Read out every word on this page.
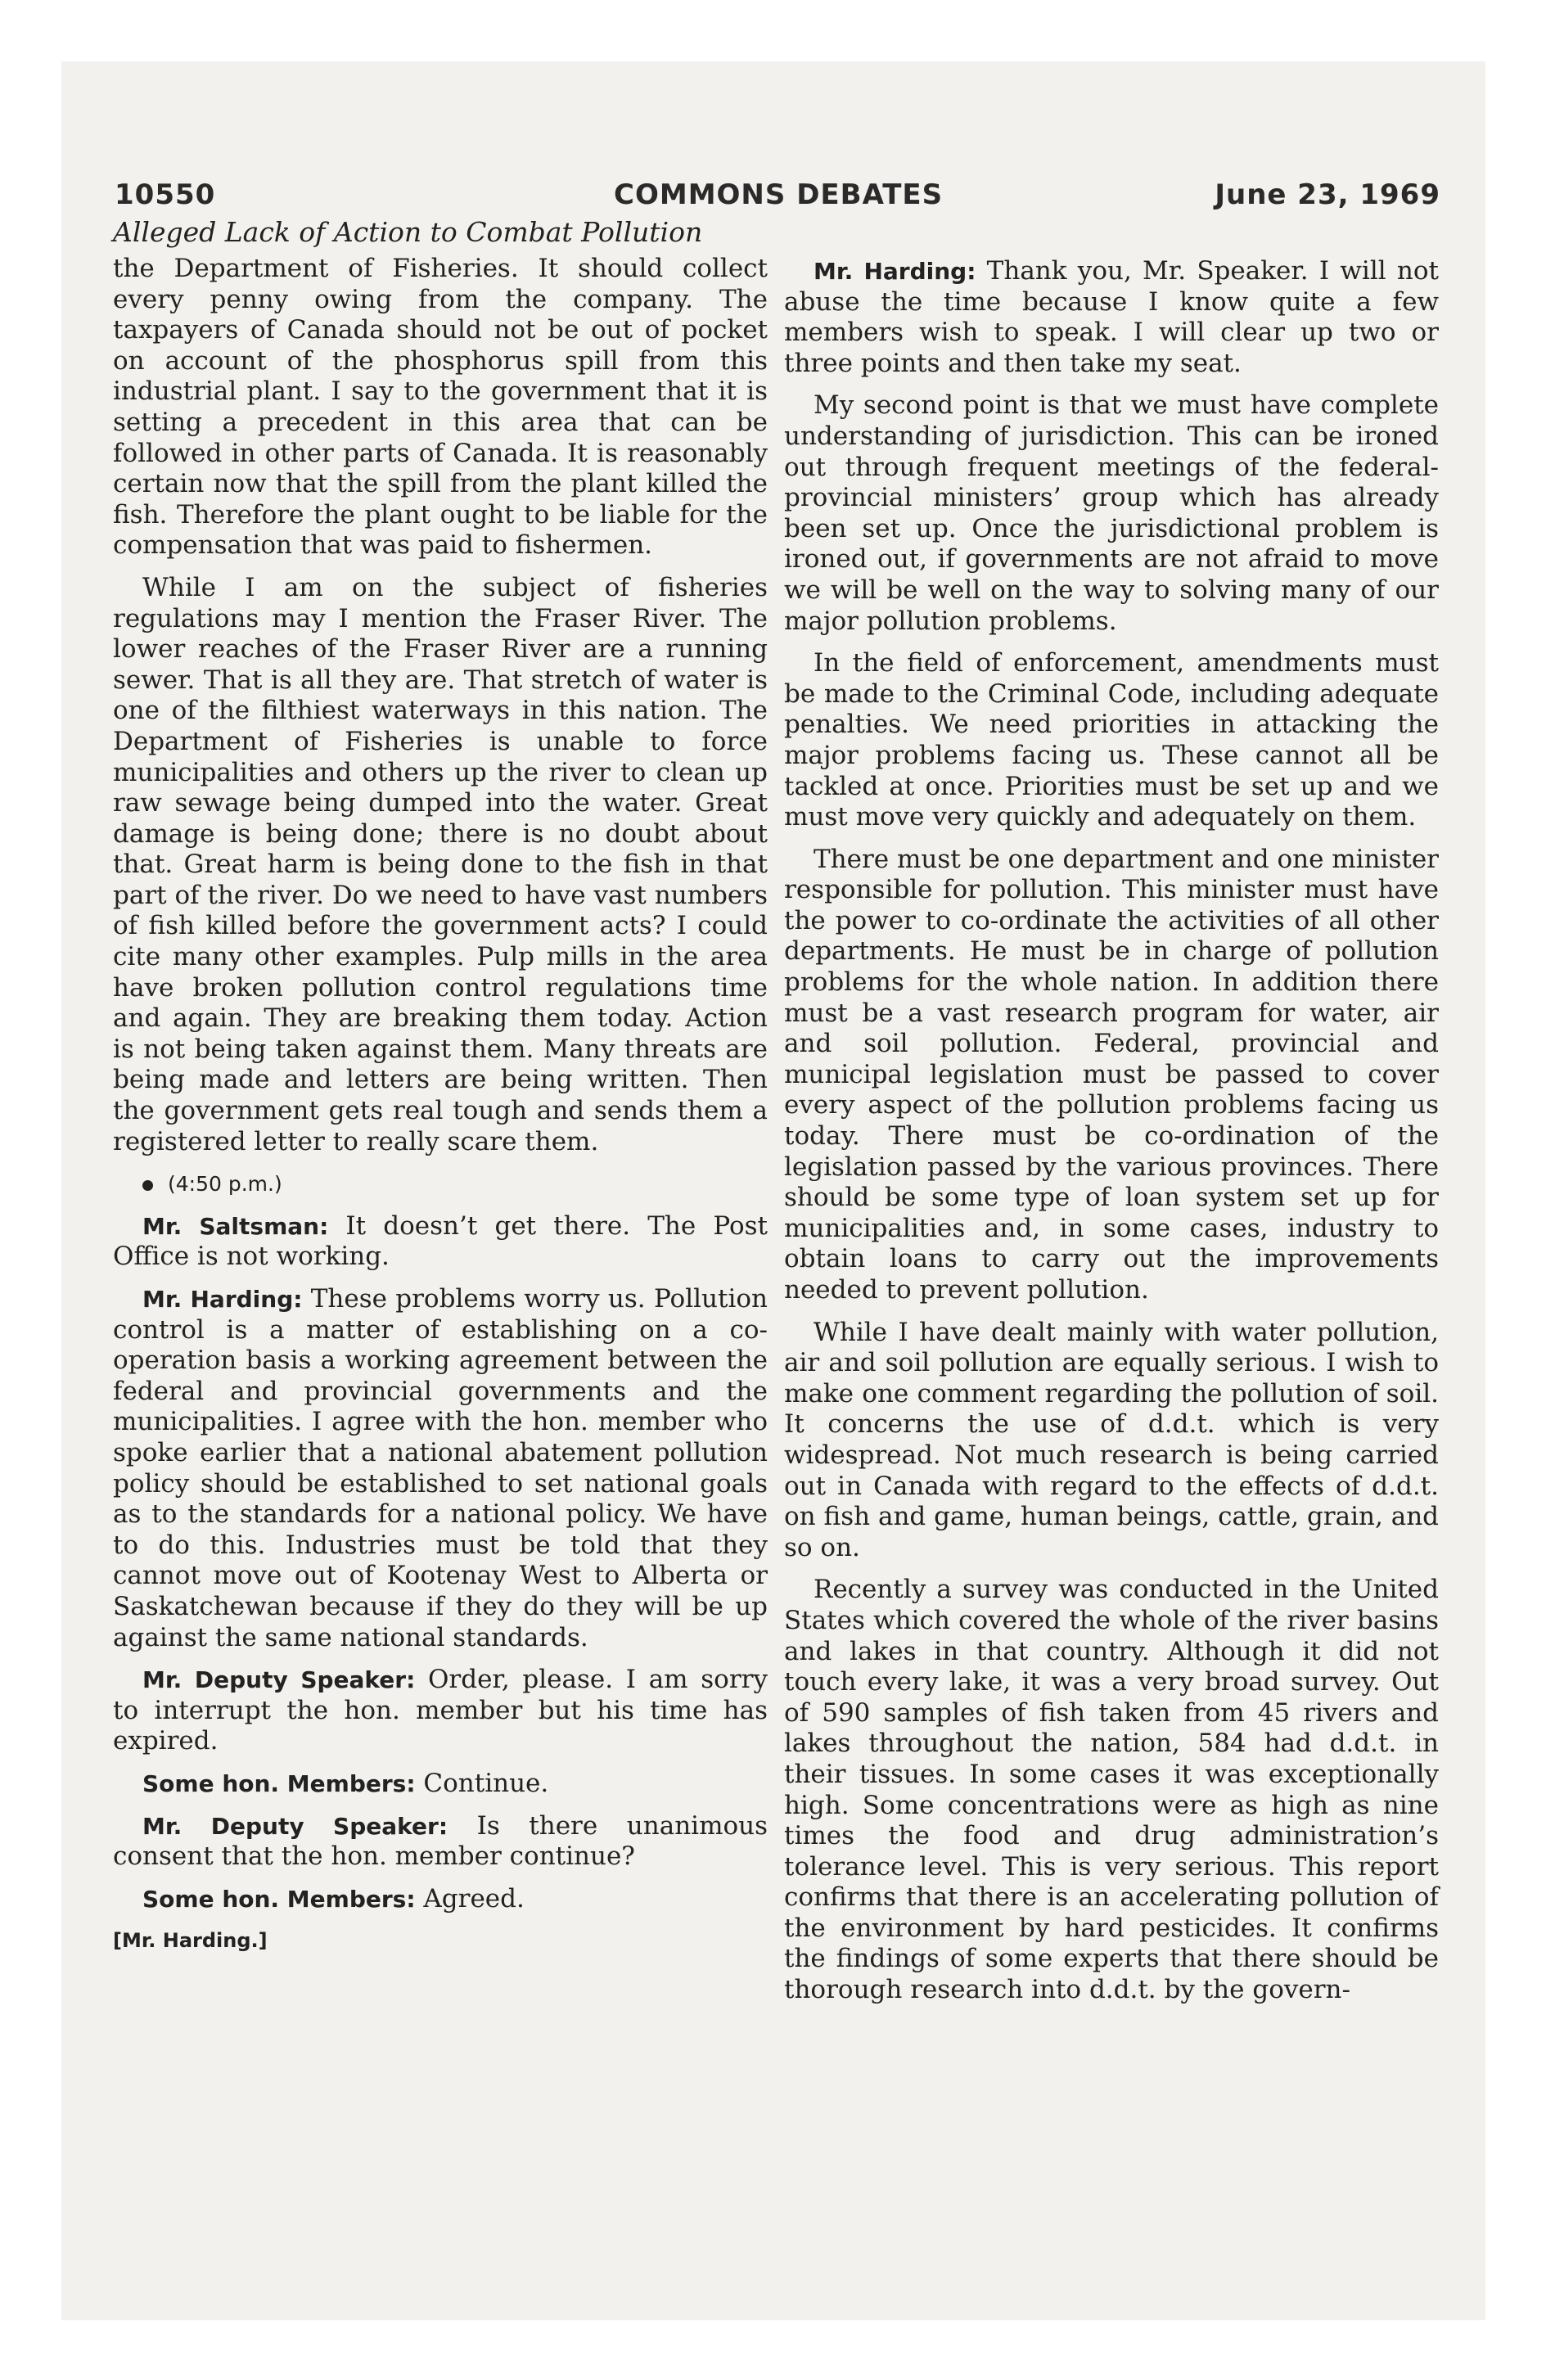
10550	COMMONS DEBATES	June 23, 1969
Alleged Lack of Action to Combat Pollution

the Department of Fisheries. It should collect every penny owing from the company. The taxpayers of Canada should not be out of pocket on account of the phosphorus spill from this industrial plant. I say to the government that it is setting a precedent in this area that can be followed in other parts of Canada. It is reasonably certain now that the spill from the plant killed the fish. Therefore the plant ought to be liable for the compensation that was paid to fishermen.

While I am on the subject of fisheries regulations may I mention the Fraser River. The lower reaches of the Fraser River are a running sewer. That is all they are. That stretch of water is one of the filthiest waterways in this nation. The Department of Fisheries is unable to force municipalities and others up the river to clean up raw sewage being dumped into the water. Great damage is being done; there is no doubt about that. Great harm is being done to the fish in that part of the river. Do we need to have vast numbers of fish killed before the government acts? I could cite many other examples. Pulp mills in the area have broken pollution control regulations time and again. They are breaking them today. Action is not being taken against them. Many threats are being made and letters are being written. Then the government gets real tough and sends them a registered letter to really scare them.

(4:50 p.m.)

Mr. Saltsman: It doesn’t get there. The Post Office is not working.

Mr. Harding: These problems worry us. Pollution control is a matter of establishing on a co-operation basis a working agreement between the federal and provincial governments and the municipalities. I agree with the hon. member who spoke earlier that a national abatement pollution policy should be established to set national goals as to the standards for a national policy. We have to do this. Industries must be told that they cannot move out of Kootenay West to Alberta or Saskatchewan because if they do they will be up against the same national standards.

Mr. Deputy Speaker: Order, please. I am sorry to interrupt the hon. member but his time has expired.

Some hon. Members: Continue.

Mr. Deputy Speaker: Is there unanimous consent that the hon. member continue?

Some hon. Members: Agreed.

[Mr. Harding.]

Mr. Harding: Thank you, Mr. Speaker. I will not abuse the time because I know quite a few members wish to speak. I will clear up two or three points and then take my seat.

My second point is that we must have complete understanding of jurisdiction. This can be ironed out through frequent meetings of the federal-provincial ministers’ group which has already been set up. Once the jurisdictional problem is ironed out, if governments are not afraid to move we will be well on the way to solving many of our major pollution problems.

In the field of enforcement, amendments must be made to the Criminal Code, including adequate penalties. We need priorities in attacking the major problems facing us. These cannot all be tackled at once. Priorities must be set up and we must move very quickly and adequately on them.

There must be one department and one minister responsible for pollution. This minister must have the power to co-ordinate the activities of all other departments. He must be in charge of pollution problems for the whole nation. In addition there must be a vast research program for water, air and soil pollution. Federal, provincial and municipal legislation must be passed to cover every aspect of the pollution problems facing us today. There must be co-ordination of the legislation passed by the various provinces. There should be some type of loan system set up for municipalities and, in some cases, industry to obtain loans to carry out the improvements needed to prevent pollution.

While I have dealt mainly with water pollution, air and soil pollution are equally serious. I wish to make one comment regarding the pollution of soil. It concerns the use of d.d.t. which is very widespread. Not much research is being carried out in Canada with regard to the effects of d.d.t. on fish and game, human beings, cattle, grain, and so on.

Recently a survey was conducted in the United States which covered the whole of the river basins and lakes in that country. Although it did not touch every lake, it was a very broad survey. Out of 590 samples of fish taken from 45 rivers and lakes throughout the nation, 584 had d.d.t. in their tissues. In some cases it was exceptionally high. Some concentrations were as high as nine times the food and drug administration’s tolerance level. This is very serious. This report confirms that there is an accelerating pollution of the environment by hard pesticides. It confirms the findings of some experts that there should be thorough research into d.d.t. by the govern-
